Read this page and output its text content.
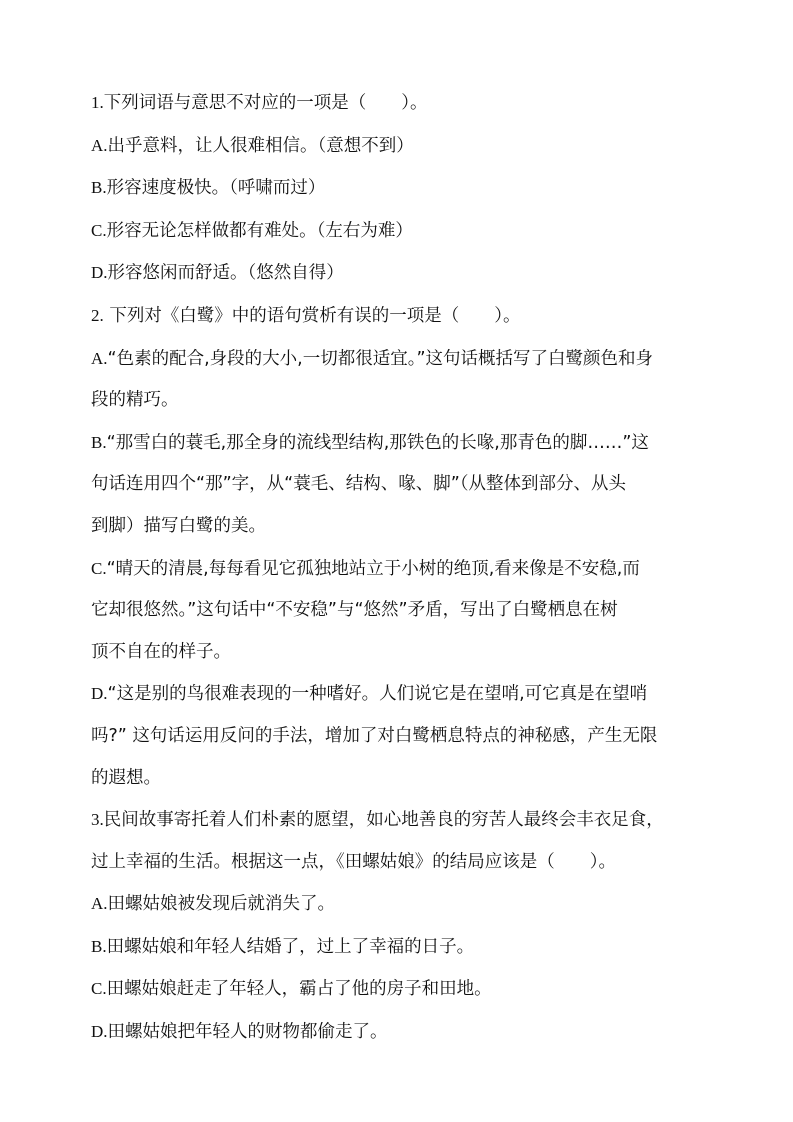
1.下列词语与意思不对应的一项是（　　）。
A.出乎意料，让人很难相信。（意想不到）
B.形容速度极快。（呼啸而过）
C.形容无论怎样做都有难处。（左右为难）
D.形容悠闲而舒适。（悠然自得）
2. 下列对《白鹭》中的语句赏析有误的一项是（　　）。
A.“色素的配合,身段的大小,一切都很适宜。”这句话概括写了白鹭颜色和身
段的精巧。
B.“那雪白的蓑毛,那全身的流线型结构,那铁色的长喙,那青色的脚……”这
句话连用四个“那”字，从“蓑毛、结构、喙、脚”（从整体到部分、从头
到脚）描写白鹭的美。
C.“晴天的清晨,每每看见它孤独地站立于小树的绝顶,看来像是不安稳,而
它却很悠然。”这句话中“不安稳”与“悠然”矛盾，写出了白鹭栖息在树
顶不自在的样子。
D.“这是别的鸟很难表现的一种嗜好。人们说它是在望哨,可它真是在望哨
吗?” 这句话运用反问的手法，增加了对白鹭栖息特点的神秘感，产生无限
的遐想。
3.民间故事寄托着人们朴素的愿望，如心地善良的穷苦人最终会丰衣足食，
过上幸福的生活。根据这一点，《田螺姑娘》的结局应该是（　　）。
A.田螺姑娘被发现后就消失了。
B.田螺姑娘和年轻人结婚了，过上了幸福的日子。
C.田螺姑娘赶走了年轻人，霸占了他的房子和田地。
D.田螺姑娘把年轻人的财物都偷走了。
